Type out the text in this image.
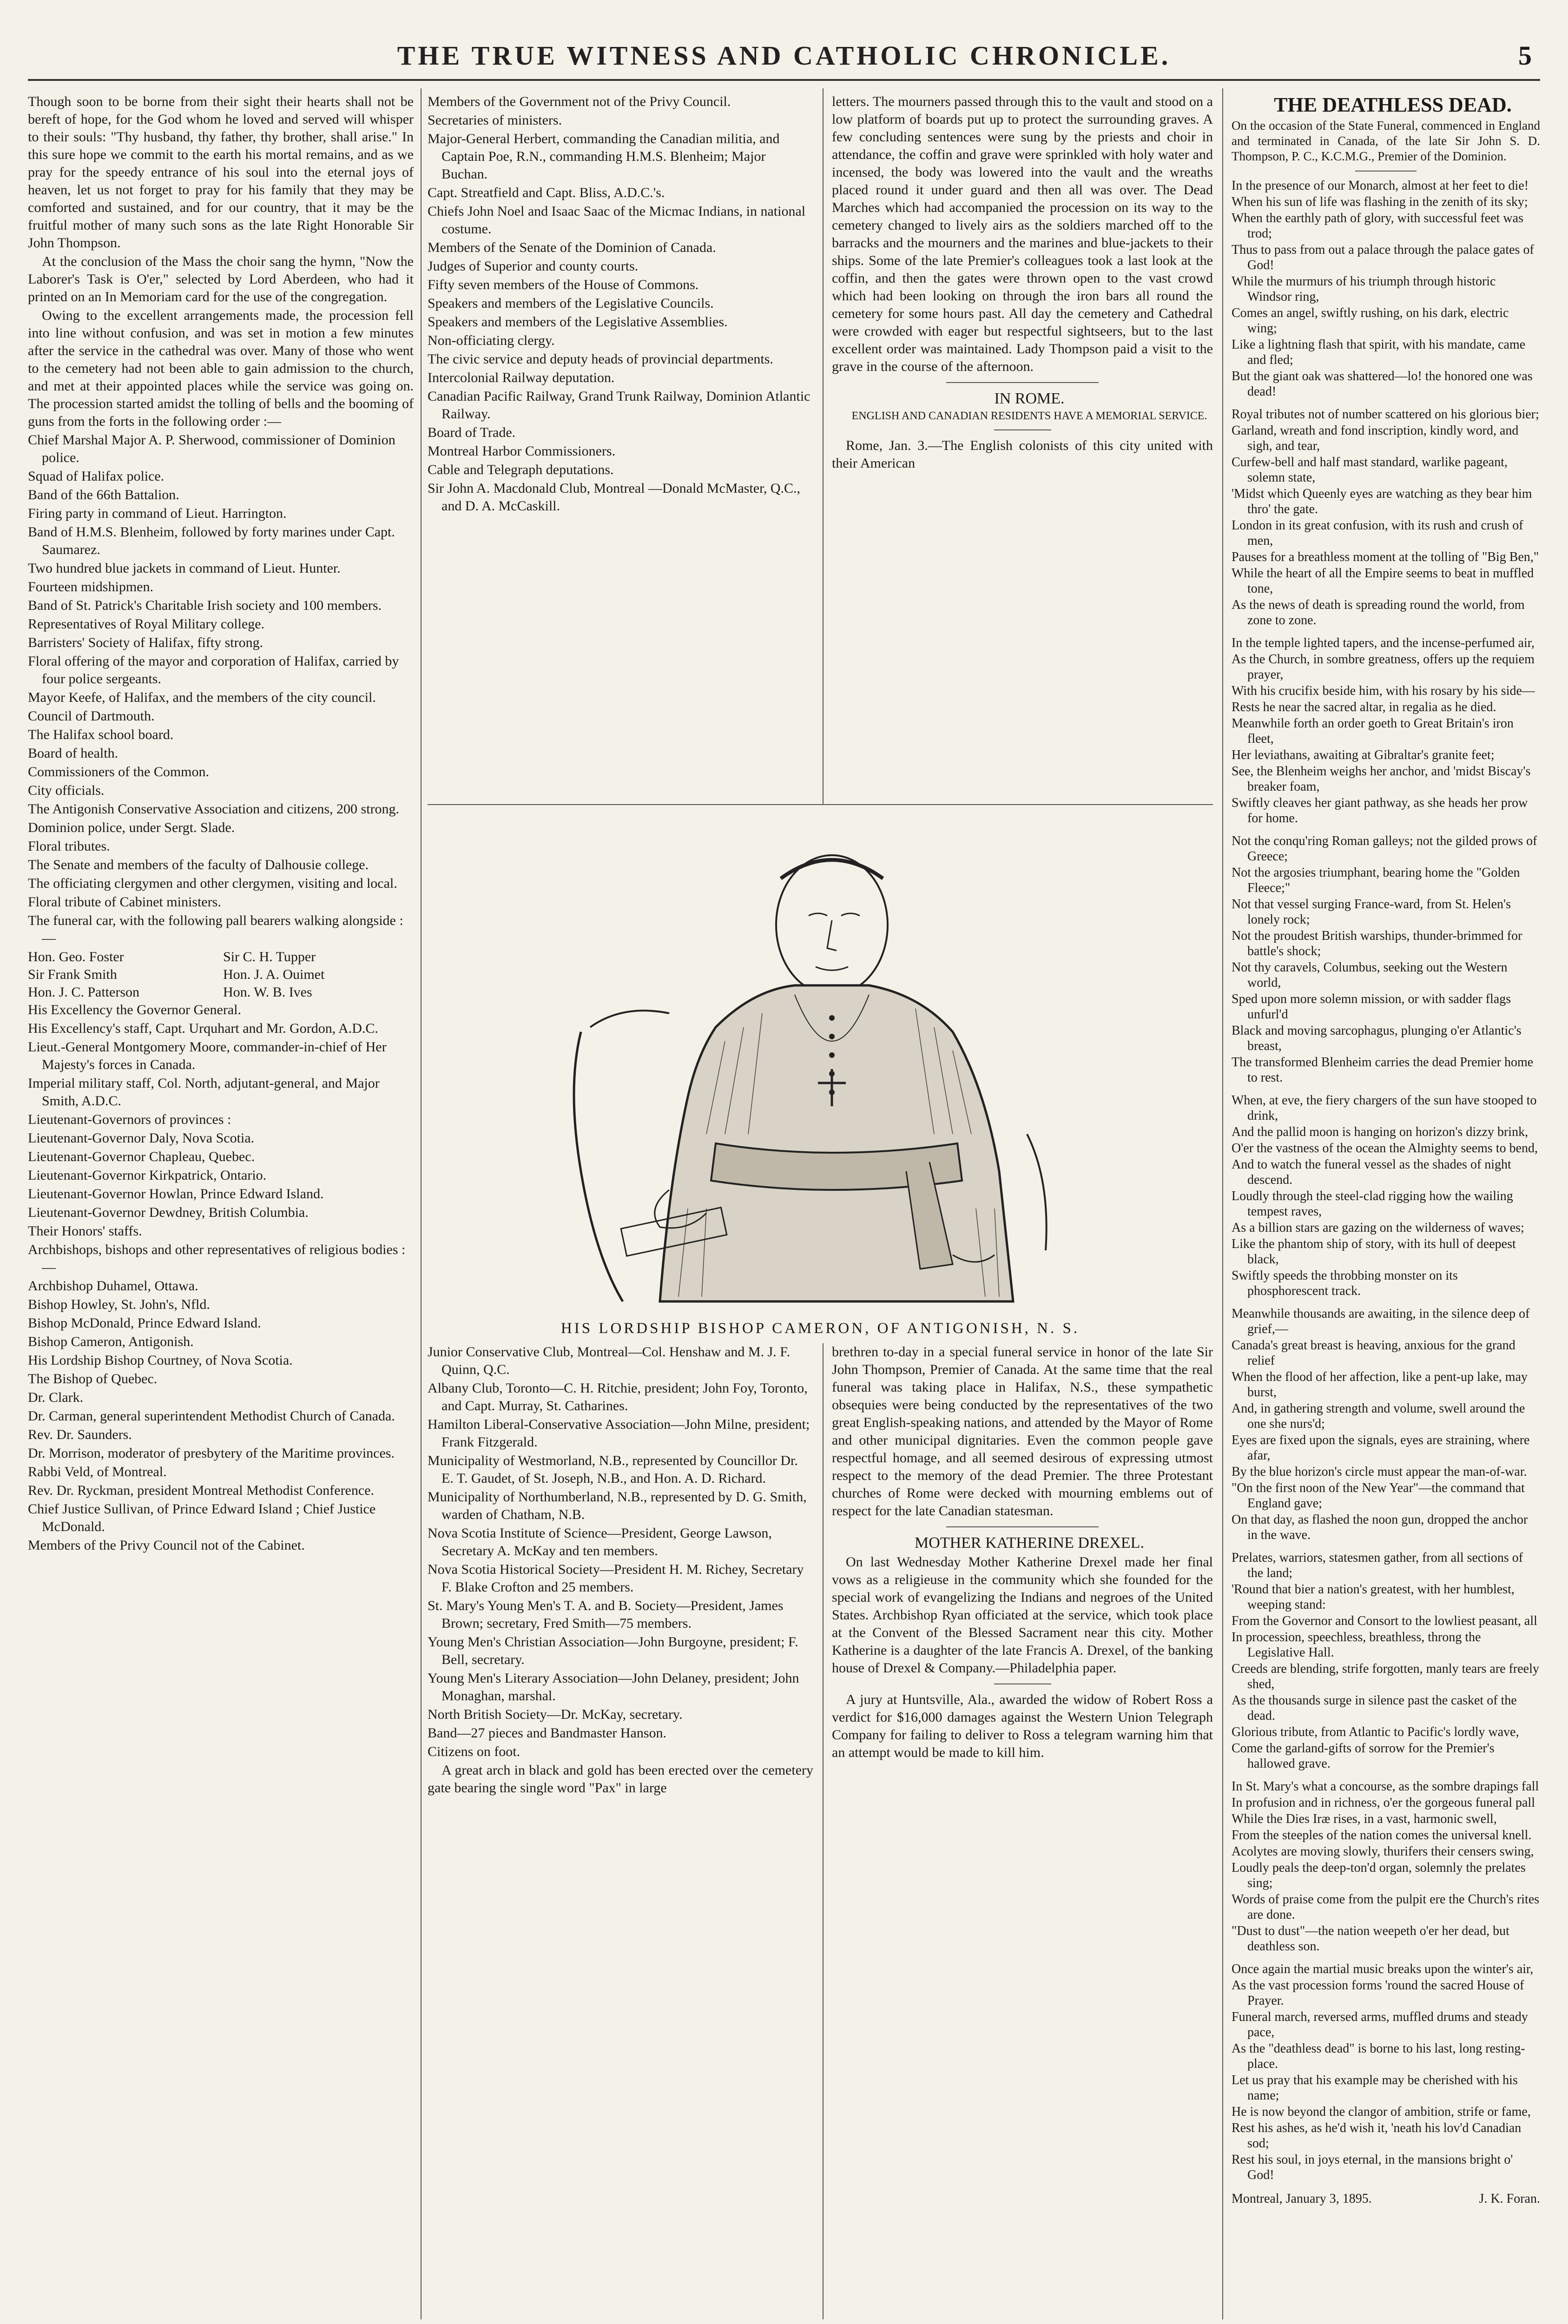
THE TRUE WITNESS AND CATHOLIC CHRONICLE.	5

Though soon to be borne from their sight their hearts shall not be bereft of hope, for the God whom he loved and served will whisper to their souls: "Thy husband, thy father, thy brother, shall arise." In this sure hope we commit to the earth his mortal remains, and as we pray for the speedy entrance of his soul into the eternal joys of heaven, let us not forget to pray for his family that they may be comforted and sustained, and for our country, that it may be the fruitful mother of many such sons as the late Right Honorable Sir John Thompson.

At the conclusion of the Mass the choir sang the hymn, "Now the Laborer's Task is O'er," selected by Lord Aberdeen, who had it printed on an In Memoriam card for the use of the congregation.

Owing to the excellent arrangements made, the procession fell into line without confusion, and was set in motion a few minutes after the service in the cathedral was over. Many of those who went to the cemetery had not been able to gain admission to the church, and met at their appointed places while the service was going on. The procession started amidst the tolling of bells and the booming of guns from the forts in the following order :—

Chief Marshal Major A. P. Sherwood, commissioner of Dominion police.

Squad of Halifax police.

Band of the 66th Battalion.

Firing party in command of Lieut. Harrington.

Band of H.M.S. Blenheim, followed by forty marines under Capt. Saumarez.

Two hundred blue jackets in command of Lieut. Hunter.

Fourteen midshipmen.

Band of St. Patrick's Charitable Irish society and 100 members.

Representatives of Royal Military college.

Barristers' Society of Halifax, fifty strong.

Floral offering of the mayor and corporation of Halifax, carried by four police sergeants.

Mayor Keefe, of Halifax, and the members of the city council.

Council of Dartmouth.

The Halifax school board.

Board of health.

Commissioners of the Common.

City officials.

The Antigonish Conservative Association and citizens, 200 strong.

Dominion police, under Sergt. Slade.

Floral tributes.

The Senate and members of the faculty of Dalhousie college.

The officiating clergymen and other clergymen, visiting and local.

Floral tribute of Cabinet ministers.

The funeral car, with the following pall bearers walking alongside :—

Hon. Geo. Foster	Sir C. H. Tupper
Sir Frank Smith	Hon. J. A. Ouimet
Hon. J. C. Patterson	Hon. W. B. Ives

His Excellency the Governor General.

His Excellency's staff, Capt. Urquhart and Mr. Gordon, A.D.C.

Lieut.-General Montgomery Moore, commander-in-chief of Her Majesty's forces in Canada.

Imperial military staff, Col. North, adjutant-general, and Major Smith, A.D.C.

Lieutenant-Governors of provinces :

Lieutenant-Governor Daly, Nova Scotia.

Lieutenant-Governor Chapleau, Quebec.

Lieutenant-Governor Kirkpatrick, Ontario.

Lieutenant-Governor Howlan, Prince Edward Island.

Lieutenant-Governor Dewdney, British Columbia.

Their Honors' staffs.

Archbishops, bishops and other representatives of religious bodies :—

Archbishop Duhamel, Ottawa.

Bishop Howley, St. John's, Nfld.

Bishop McDonald, Prince Edward Island.

Bishop Cameron, Antigonish.

His Lordship Bishop Courtney, of Nova Scotia.

The Bishop of Quebec.

Dr. Clark.

Dr. Carman, general superintendent Methodist Church of Canada.

Rev. Dr. Saunders.

Dr. Morrison, moderator of presbytery of the Maritime provinces.

Rabbi Veld, of Montreal.

Rev. Dr. Ryckman, president Montreal Methodist Conference.

Chief Justice Sullivan, of Prince Edward Island ; Chief Justice McDonald.

Members of the Privy Council not of the Cabinet.

Members of the Government not of the Privy Council.

Secretaries of ministers.

Major-General Herbert, commanding the Canadian militia, and Captain Poe, R.N., commanding H.M.S. Blenheim; Major Buchan.

Capt. Streatfield and Capt. Bliss, A.D.C.'s.

Chiefs John Noel and Isaac Saac of the Micmac Indians, in national costume.

Members of the Senate of the Dominion of Canada.

Judges of Superior and county courts.

Fifty seven members of the House of Commons.

Speakers and members of the Legislative Councils.

Speakers and members of the Legislative Assemblies.

Non-officiating clergy.

The civic service and deputy heads of provincial departments.

Intercolonial Railway deputation.

Canadian Pacific Railway, Grand Trunk Railway, Dominion Atlantic Railway.

Board of Trade.

Montreal Harbor Commissioners.

Cable and Telegraph deputations.

Sir John A. Macdonald Club, Montreal —Donald McMaster, Q.C., and D. A. McCaskill.

letters. The mourners passed through this to the vault and stood on a low platform of boards put up to protect the surrounding graves. A few concluding sentences were sung by the priests and choir in attendance, the coffin and grave were sprinkled with holy water and incensed, the body was lowered into the vault and the wreaths placed round it under guard and then all was over. The Dead Marches which had accompanied the procession on its way to the cemetery changed to lively airs as the soldiers marched off to the barracks and the mourners and the marines and blue-jackets to their ships. Some of the late Premier's colleagues took a last look at the coffin, and then the gates were thrown open to the vast crowd which had been looking on through the iron bars all round the cemetery for some hours past. All day the cemetery and Cathedral were crowded with eager but respectful sightseers, but to the last excellent order was maintained. Lady Thompson paid a visit to the grave in the course of the afternoon.

IN ROME.

ENGLISH AND CANADIAN RESIDENTS HAVE A MEMORIAL SERVICE.

Rome, Jan. 3.—The English colonists of this city united with their American

HIS LORDSHIP BISHOP CAMERON, OF ANTIGONISH, N. S.

Junior Conservative Club, Montreal—Col. Henshaw and M. J. F. Quinn, Q.C.

Albany Club, Toronto—C. H. Ritchie, president; John Foy, Toronto, and Capt. Murray, St. Catharines.

Hamilton Liberal-Conservative Association—John Milne, president; Frank Fitzgerald.

Municipality of Westmorland, N.B., represented by Councillor Dr. E. T. Gaudet, of St. Joseph, N.B., and Hon. A. D. Richard.

Municipality of Northumberland, N.B., represented by D. G. Smith, warden of Chatham, N.B.

Nova Scotia Institute of Science—President, George Lawson, Secretary A. McKay and ten members.

Nova Scotia Historical Society—President H. M. Richey, Secretary F. Blake Crofton and 25 members.

St. Mary's Young Men's T. A. and B. Society—President, James Brown; secretary, Fred Smith—75 members.

Young Men's Christian Association—John Burgoyne, president; F. Bell, secretary.

Young Men's Literary Association—John Delaney, president; John Monaghan, marshal.

North British Society—Dr. McKay, secretary.

Band—27 pieces and Bandmaster Hanson.

Citizens on foot.

A great arch in black and gold has been erected over the cemetery gate bearing the single word "Pax" in large

brethren to-day in a special funeral service in honor of the late Sir John Thompson, Premier of Canada. At the same time that the real funeral was taking place in Halifax, N.S., these sympathetic obsequies were being conducted by the representatives of the two great English-speaking nations, and attended by the Mayor of Rome and other municipal dignitaries. Even the common people gave respectful homage, and all seemed desirous of expressing utmost respect to the memory of the dead Premier. The three Protestant churches of Rome were decked with mourning emblems out of respect for the late Canadian statesman.

MOTHER KATHERINE DREXEL.

On last Wednesday Mother Katherine Drexel made her final vows as a religieuse in the community which she founded for the special work of evangelizing the Indians and negroes of the United States. Archbishop Ryan officiated at the service, which took place at the Convent of the Blessed Sacrament near this city. Mother Katherine is a daughter of the late Francis A. Drexel, of the banking house of Drexel & Company.—Philadelphia paper.

A jury at Huntsville, Ala., awarded the widow of Robert Ross a verdict for $16,000 damages against the Western Union Telegraph Company for failing to deliver to Ross a telegram warning him that an attempt would be made to kill him.

THE DEATHLESS DEAD.

On the occasion of the State Funeral, commenced in England and terminated in Canada, of the late Sir John S. D. Thompson, P. C., K.C.M.G., Premier of the Dominion.

In the presence of our Monarch, almost at her feet to die!

When his sun of life was flashing in the zenith of its sky;

When the earthly path of glory, with successful feet was trod;

Thus to pass from out a palace through the palace gates of God!

While the murmurs of his triumph through historic Windsor ring,

Comes an angel, swiftly rushing, on his dark, electric wing;

Like a lightning flash that spirit, with his mandate, came and fled;

But the giant oak was shattered—lo! the honored one was dead!

Royal tributes not of number scattered on his glorious bier;

Garland, wreath and fond inscription, kindly word, and sigh, and tear,

Curfew-bell and half mast standard, warlike pageant, solemn state,

'Midst which Queenly eyes are watching as they bear him thro' the gate.

London in its great confusion, with its rush and crush of men,

Pauses for a breathless moment at the tolling of "Big Ben,"

While the heart of all the Empire seems to beat in muffled tone,

As the news of death is spreading round the world, from zone to zone.

In the temple lighted tapers, and the incense-perfumed air,

As the Church, in sombre greatness, offers up the requiem prayer,

With his crucifix beside him, with his rosary by his side—

Rests he near the sacred altar, in regalia as he died.

Meanwhile forth an order goeth to Great Britain's iron fleet,

Her leviathans, awaiting at Gibraltar's granite feet;

See, the Blenheim weighs her anchor, and 'midst Biscay's breaker foam,

Swiftly cleaves her giant pathway, as she heads her prow for home.

Not the conqu'ring Roman galleys; not the gilded prows of Greece;

Not the argosies triumphant, bearing home the "Golden Fleece;"

Not that vessel surging France-ward, from St. Helen's lonely rock;

Not the proudest British warships, thunder-brimmed for battle's shock;

Not thy caravels, Columbus, seeking out the Western world,

Sped upon more solemn mission, or with sadder flags unfurl'd

Black and moving sarcophagus, plunging o'er Atlantic's breast,

The transformed Blenheim carries the dead Premier home to rest.

When, at eve, the fiery chargers of the sun have stooped to drink,

And the pallid moon is hanging on horizon's dizzy brink,

O'er the vastness of the ocean the Almighty seems to bend,

And to watch the funeral vessel as the shades of night descend.

Loudly through the steel-clad rigging how the wailing tempest raves,

As a billion stars are gazing on the wilderness of waves;

Like the phantom ship of story, with its hull of deepest black,

Swiftly speeds the throbbing monster on its phosphorescent track.

Meanwhile thousands are awaiting, in the silence deep of grief,—

Canada's great breast is heaving, anxious for the grand relief

When the flood of her affection, like a pent-up lake, may burst,

And, in gathering strength and volume, swell around the one she nurs'd;

Eyes are fixed upon the signals, eyes are straining, where afar,

By the blue horizon's circle must appear the man-of-war.

"On the first noon of the New Year"—the command that England gave;

On that day, as flashed the noon gun, dropped the anchor in the wave.

Prelates, warriors, statesmen gather, from all sections of the land;

'Round that bier a nation's greatest, with her humblest, weeping stand:

From the Governor and Consort to the lowliest peasant, all

In procession, speechless, breathless, throng the Legislative Hall.

Creeds are blending, strife forgotten, manly tears are freely shed,

As the thousands surge in silence past the casket of the dead.

Glorious tribute, from Atlantic to Pacific's lordly wave,

Come the garland-gifts of sorrow for the Premier's hallowed grave.

In St. Mary's what a concourse, as the sombre drapings fall

In profusion and in richness, o'er the gorgeous funeral pall

While the Dies Iræ rises, in a vast, harmonic swell,

From the steeples of the nation comes the universal knell.

Acolytes are moving slowly, thurifers their censers swing,

Loudly peals the deep-ton'd organ, solemnly the prelates sing;

Words of praise come from the pulpit ere the Church's rites are done.

"Dust to dust"—the nation weepeth o'er her dead, but deathless son.

Once again the martial music breaks upon the winter's air,

As the vast procession forms 'round the sacred House of Prayer.

Funeral march, reversed arms, muffled drums and steady pace,

As the "deathless dead" is borne to his last, long resting-place.

Let us pray that his example may be cherished with his name;

He is now beyond the clangor of ambition, strife or fame,

Rest his ashes, as he'd wish it, 'neath his lov'd Canadian sod;

Rest his soul, in joys eternal, in the mansions bright o' God!

Montreal, January 3, 1895.	J. K. Foran.
